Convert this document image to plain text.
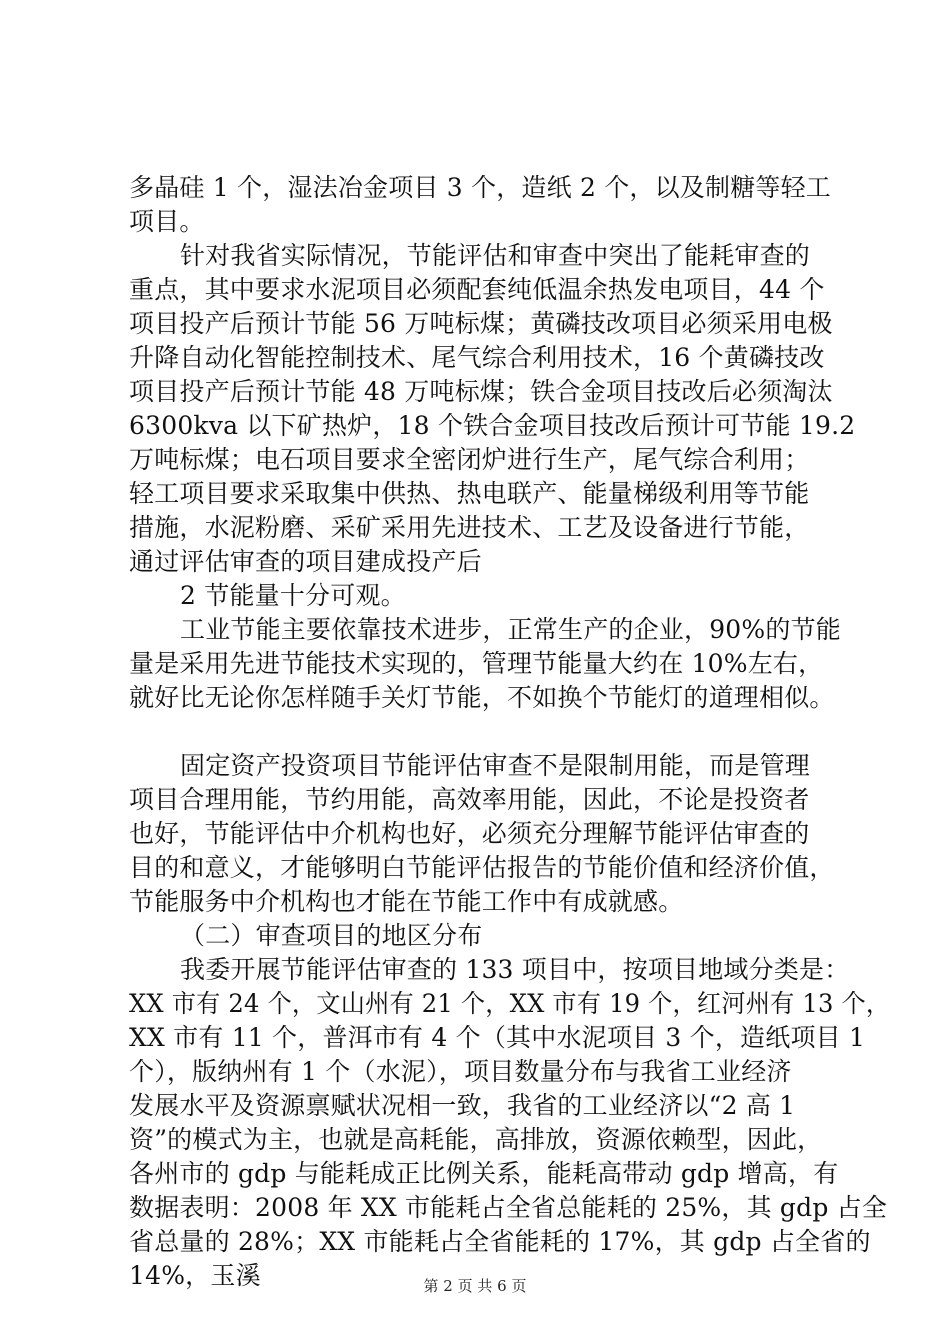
多晶硅 1 个，湿法冶金项目 3 个，造纸 2 个，以及制糖等轻工
项目。
针对我省实际情况，节能评估和审查中突出了能耗审查的
重点，其中要求水泥项目必须配套纯低温余热发电项目，44 个
项目投产后预计节能 56 万吨标煤；黄磷技改项目必须采用电极
升降自动化智能控制技术、尾气综合利用技术，16 个黄磷技改
项目投产后预计节能 48 万吨标煤；铁合金项目技改后必须淘汰
6300kva 以下矿热炉，18 个铁合金项目技改后预计可节能 19.2
万吨标煤；电石项目要求全密闭炉进行生产，尾气综合利用；
轻工项目要求采取集中供热、热电联产、能量梯级利用等节能
措施，水泥粉磨、采矿采用先进技术、工艺及设备进行节能，
通过评估审查的项目建成投产后
2 节能量十分可观。
工业节能主要依靠技术进步，正常生产的企业，90%的节能
量是采用先进节能技术实现的，管理节能量大约在 10%左右，
就好比无论你怎样随手关灯节能，不如换个节能灯的道理相似。
固定资产投资项目节能评估审查不是限制用能，而是管理
项目合理用能，节约用能，高效率用能，因此，不论是投资者
也好，节能评估中介机构也好，必须充分理解节能评估审查的
目的和意义，才能够明白节能评估报告的节能价值和经济价值，
节能服务中介机构也才能在节能工作中有成就感。
（二）审查项目的地区分布
我委开展节能评估审查的 133 项目中，按项目地域分类是：
XX 市有 24 个，文山州有 21 个，XX 市有 19 个，红河州有 13 个，
XX 市有 11 个，普洱市有 4 个（其中水泥项目 3 个，造纸项目 1
个），版纳州有 1 个（水泥），项目数量分布与我省工业经济
发展水平及资源禀赋状况相一致，我省的工业经济以“2 高 1
资”的模式为主，也就是高耗能，高排放，资源依赖型，因此，
各州市的 gdp 与能耗成正比例关系，能耗高带动 gdp 增高，有
数据表明：2008 年 XX 市能耗占全省总能耗的 25%，其 gdp 占全
省总量的 28%；XX 市能耗占全省能耗的 17%，其 gdp 占全省的
14%，玉溪	第 2 页 共 6 页
